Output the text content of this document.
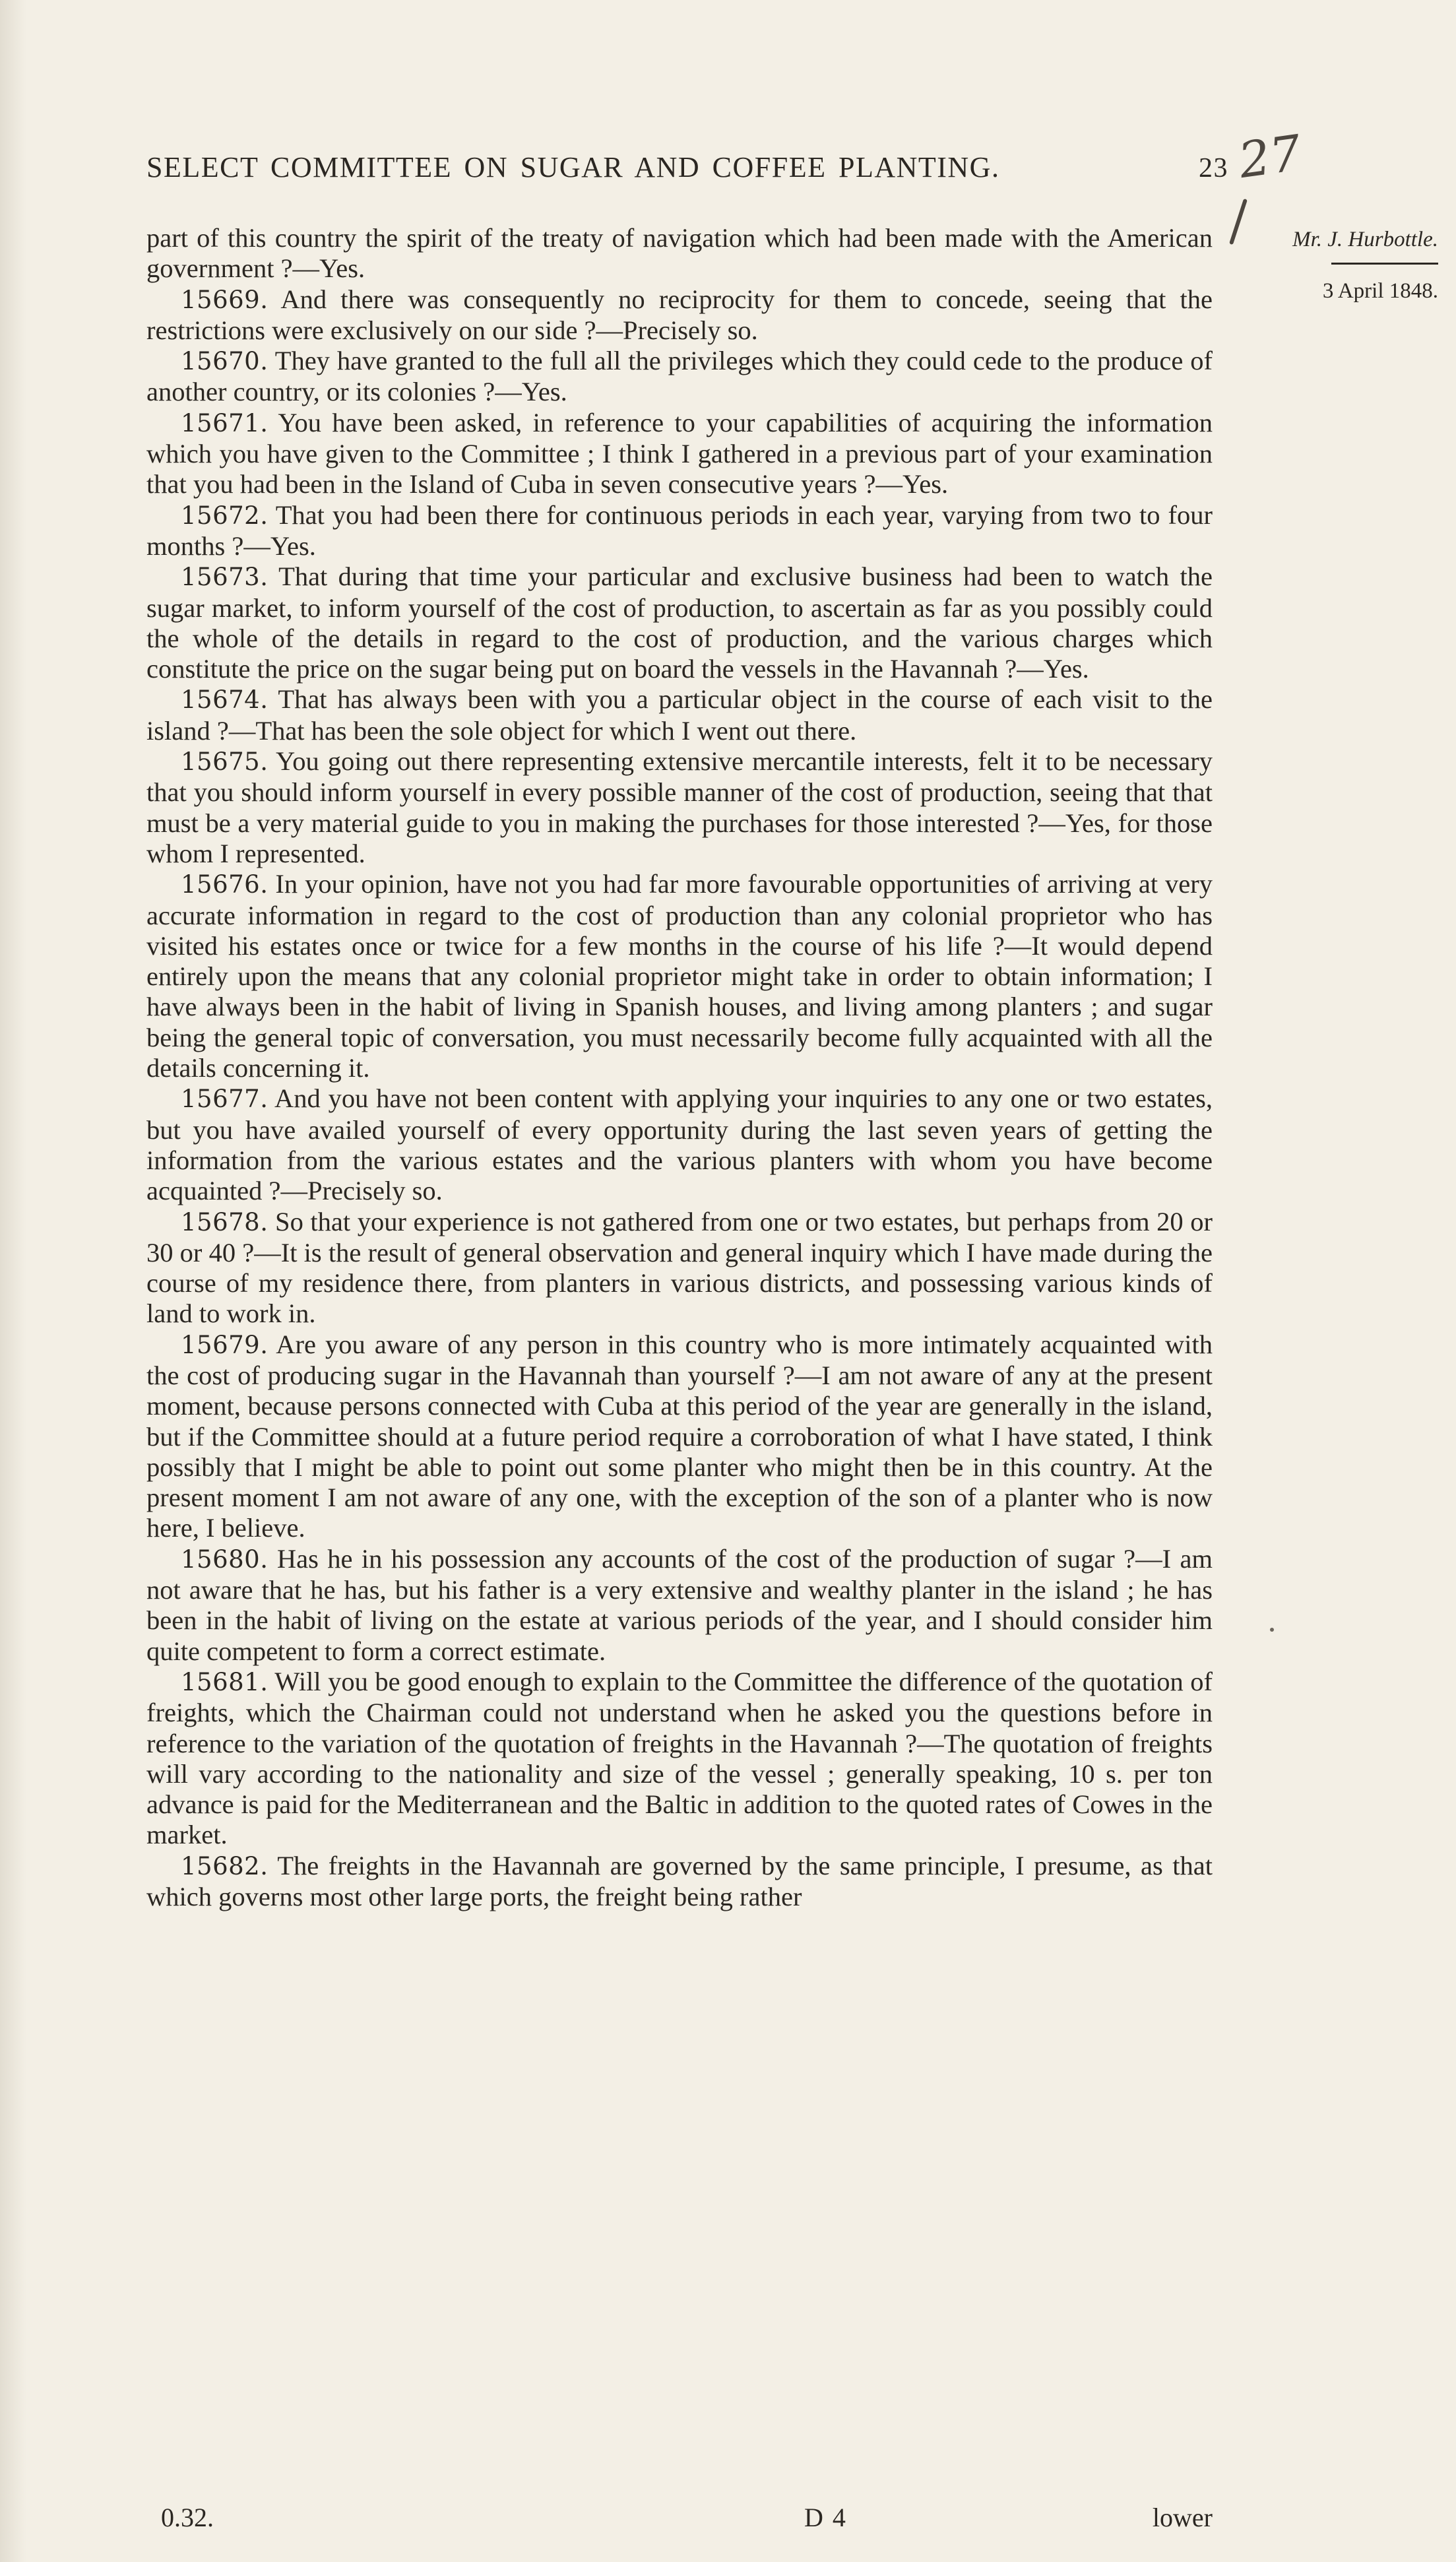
SELECT COMMITTEE ON SUGAR AND COFFEE PLANTING.	23 27
Mr. J. Hurbottle.
3 April 1848.

part of this country the spirit of the treaty of navigation which had been made with the American government ?—Yes.

15669. And there was consequently no reciprocity for them to concede, seeing that the restrictions were exclusively on our side ?—Precisely so.

15670. They have granted to the full all the privileges which they could cede to the produce of another country, or its colonies ?—Yes.

15671. You have been asked, in reference to your capabilities of acquiring the information which you have given to the Committee ; I think I gathered in a previous part of your examination that you had been in the Island of Cuba in seven consecutive years ?—Yes.

15672. That you had been there for continuous periods in each year, varying from two to four months ?—Yes.

15673. That during that time your particular and exclusive business had been to watch the sugar market, to inform yourself of the cost of production, to ascertain as far as you possibly could the whole of the details in regard to the cost of production, and the various charges which constitute the price on the sugar being put on board the vessels in the Havannah ?—Yes.

15674. That has always been with you a particular object in the course of each visit to the island ?—That has been the sole object for which I went out there.

15675. You going out there representing extensive mercantile interests, felt it to be necessary that you should inform yourself in every possible manner of the cost of production, seeing that that must be a very material guide to you in making the purchases for those interested ?—Yes, for those whom I represented.

15676. In your opinion, have not you had far more favourable opportunities of arriving at very accurate information in regard to the cost of production than any colonial proprietor who has visited his estates once or twice for a few months in the course of his life ?—It would depend entirely upon the means that any colonial proprietor might take in order to obtain information; I have always been in the habit of living in Spanish houses, and living among planters ; and sugar being the general topic of conversation, you must necessarily become fully acquainted with all the details concerning it.

15677. And you have not been content with applying your inquiries to any one or two estates, but you have availed yourself of every opportunity during the last seven years of getting the information from the various estates and the various planters with whom you have become acquainted ?—Precisely so.

15678. So that your experience is not gathered from one or two estates, but perhaps from 20 or 30 or 40 ?—It is the result of general observation and general inquiry which I have made during the course of my residence there, from planters in various districts, and possessing various kinds of land to work in.

15679. Are you aware of any person in this country who is more intimately acquainted with the cost of producing sugar in the Havannah than yourself ?—I am not aware of any at the present moment, because persons connected with Cuba at this period of the year are generally in the island, but if the Committee should at a future period require a corroboration of what I have stated, I think possibly that I might be able to point out some planter who might then be in this country. At the present moment I am not aware of any one, with the exception of the son of a planter who is now here, I believe.

15680. Has he in his possession any accounts of the cost of the production of sugar ?—I am not aware that he has, but his father is a very extensive and wealthy planter in the island ; he has been in the habit of living on the estate at various periods of the year, and I should consider him quite competent to form a correct estimate.

15681. Will you be good enough to explain to the Committee the difference of the quotation of freights, which the Chairman could not understand when he asked you the questions before in reference to the variation of the quotation of freights in the Havannah ?—The quotation of freights will vary according to the nationality and size of the vessel ; generally speaking, 10 s. per ton advance is paid for the Mediterranean and the Baltic in addition to the quoted rates of Cowes in the market.

15682. The freights in the Havannah are governed by the same principle, I presume, as that which governs most other large ports, the freight being rather

0.32.	D 4	lower
